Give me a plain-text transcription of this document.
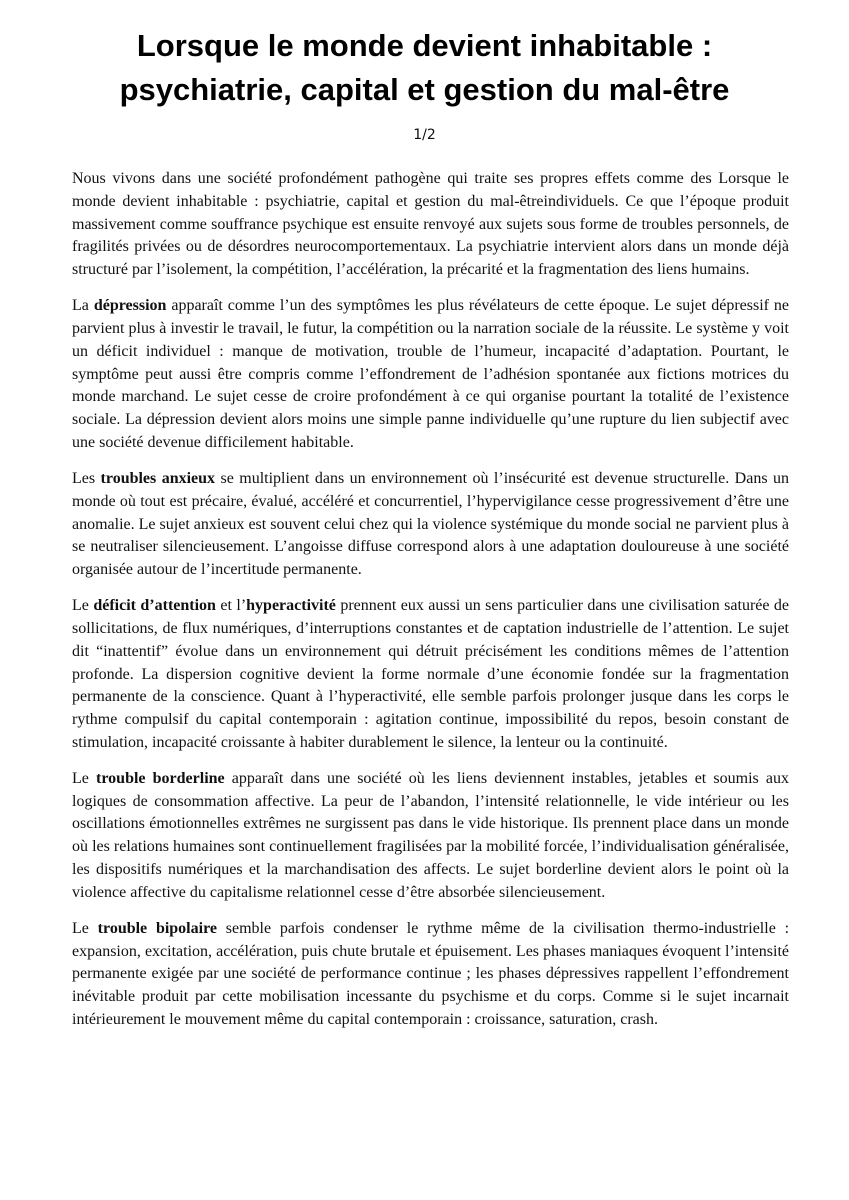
Lorsque le monde devient inhabitable :
psychiatrie, capital et gestion du mal-être
1/2

Nous vivons dans une société profondément pathogène qui traite ses propres effets comme des Lorsque le monde devient inhabitable : psychiatrie, capital et gestion du mal-êtreindividuels. Ce que l’époque produit massivement comme souffrance psychique est ensuite renvoyé aux sujets sous forme de troubles personnels, de fragilités privées ou de désordres neurocomportementaux. La psychiatrie intervient alors dans un monde déjà structuré par l’isolement, la compétition, l’accélération, la précarité et la fragmentation des liens humains.

La dépression apparaît comme l’un des symptômes les plus révélateurs de cette époque. Le sujet dépressif ne parvient plus à investir le travail, le futur, la compétition ou la narration sociale de la réussite. Le système y voit un déficit individuel : manque de motivation, trouble de l’humeur, incapacité d’adaptation. Pourtant, le symptôme peut aussi être compris comme l’effondrement de l’adhésion spontanée aux fictions motrices du monde marchand. Le sujet cesse de croire profondément à ce qui organise pourtant la totalité de l’existence sociale. La dépression devient alors moins une simple panne individuelle qu’une rupture du lien subjectif avec une société devenue difficilement habitable.

Les troubles anxieux se multiplient dans un environnement où l’insécurité est devenue structurelle. Dans un monde où tout est précaire, évalué, accéléré et concurrentiel, l’hypervigilance cesse progressivement d’être une anomalie. Le sujet anxieux est souvent celui chez qui la violence systémique du monde social ne parvient plus à se neutraliser silencieusement. L’angoisse diffuse correspond alors à une adaptation douloureuse à une société organisée autour de l’incertitude permanente.

Le déficit d’attention et l’hyperactivité prennent eux aussi un sens particulier dans une civilisation saturée de sollicitations, de flux numériques, d’interruptions constantes et de captation industrielle de l’attention. Le sujet dit “inattentif” évolue dans un environnement qui détruit précisément les conditions mêmes de l’attention profonde. La dispersion cognitive devient la forme normale d’une économie fondée sur la fragmentation permanente de la conscience. Quant à l’hyperactivité, elle semble parfois prolonger jusque dans les corps le rythme compulsif du capital contemporain : agitation continue, impossibilité du repos, besoin constant de stimulation, incapacité croissante à habiter durablement le silence, la lenteur ou la continuité.

Le trouble borderline apparaît dans une société où les liens deviennent instables, jetables et soumis aux logiques de consommation affective. La peur de l’abandon, l’intensité relationnelle, le vide intérieur ou les oscillations émotionnelles extrêmes ne surgissent pas dans le vide historique. Ils prennent place dans un monde où les relations humaines sont continuellement fragilisées par la mobilité forcée, l’individualisation généralisée, les dispositifs numériques et la marchandisation des affects. Le sujet borderline devient alors le point où la violence affective du capitalisme relationnel cesse d’être absorbée silencieusement.

Le trouble bipolaire semble parfois condenser le rythme même de la civilisation thermo-industrielle : expansion, excitation, accélération, puis chute brutale et épuisement. Les phases maniaques évoquent l’intensité permanente exigée par une société de performance continue ; les phases dépressives rappellent l’effondrement inévitable produit par cette mobilisation incessante du psychisme et du corps. Comme si le sujet incarnait intérieurement le mouvement même du capital contemporain : croissance, saturation, crash.
